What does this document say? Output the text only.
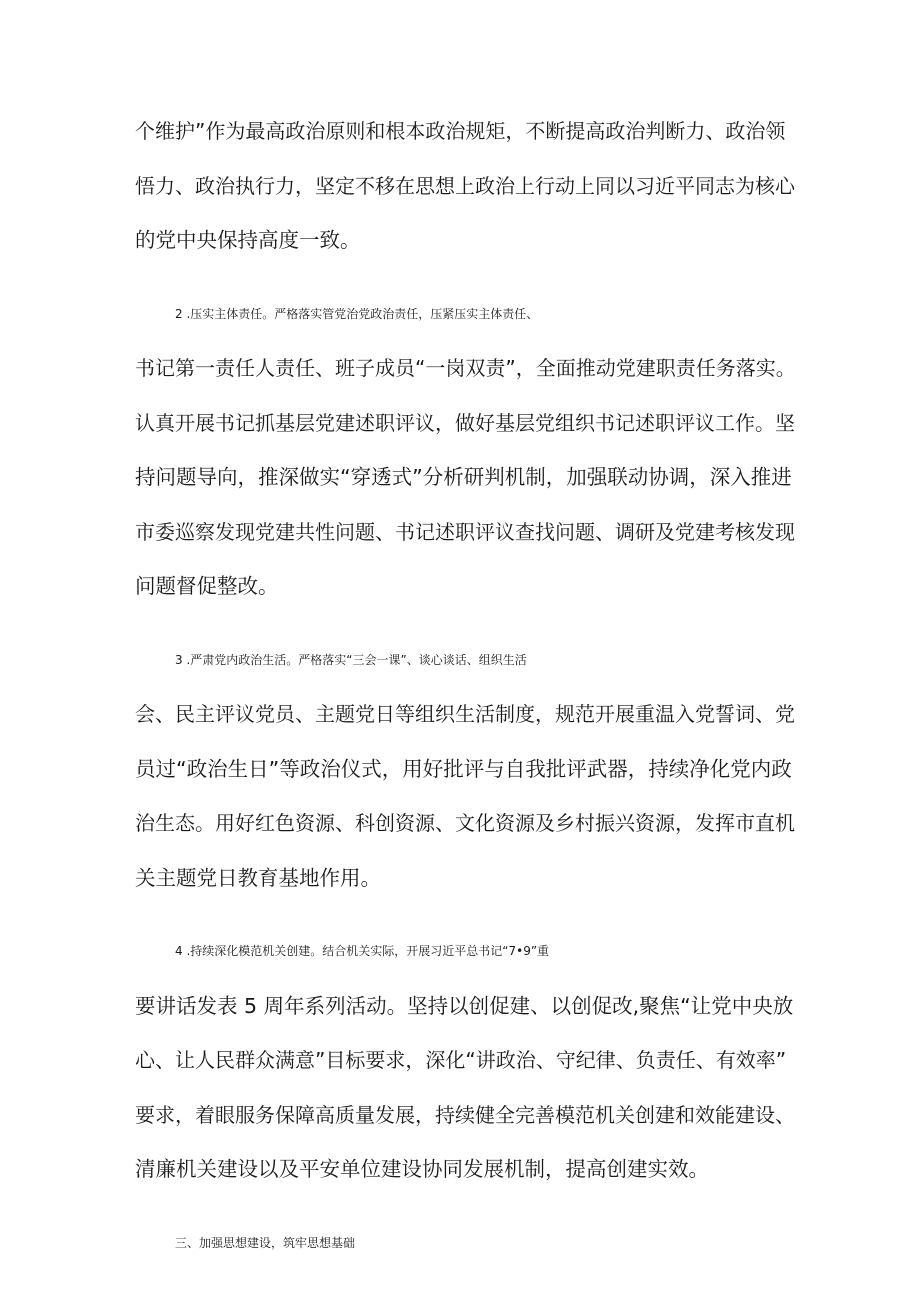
个维护”作为最高政治原则和根本政治规矩，不断提高政治判断力、政治领
悟力、政治执行力，坚定不移在思想上政治上行动上同以习近平同志为核心
的党中央保持高度一致。
2 .压实主体责任。严格落实管党治党政治责任，压紧压实主体责任、
书记第一责任人责任、班子成员“一岗双责”，全面推动党建职责任务落实。
认真开展书记抓基层党建述职评议，做好基层党组织书记述职评议工作。坚
持问题导向，推深做实“穿透式”分析研判机制，加强联动协调，深入推进
市委巡察发现党建共性问题、书记述职评议查找问题、调研及党建考核发现
问题督促整改。
3 .严肃党内政治生活。严格落实“三会一课”、谈心谈话、组织生活
会、民主评议党员、主题党日等组织生活制度，规范开展重温入党誓词、党
员过“政治生日”等政治仪式，用好批评与自我批评武器，持续净化党内政
治生态。用好红色资源、科创资源、文化资源及乡村振兴资源，发挥市直机
关主题党日教育基地作用。
4 .持续深化模范机关创建。结合机关实际，开展习近平总书记“7•9”重
要讲话发表 5 周年系列活动。坚持以创促建、以创促改,聚焦“让党中央放
心、让人民群众满意”目标要求，深化“讲政治、守纪律、负责任、有效率”
要求，着眼服务保障高质量发展，持续健全完善模范机关创建和效能建设、
清廉机关建设以及平安单位建设协同发展机制，提高创建实效。
三、加强思想建设，筑牢思想基础
